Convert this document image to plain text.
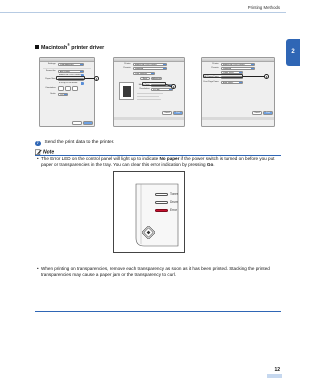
Printing Methods
2
Macintosh® printer driver
Settings:	Page Attributes
Format for:	Any Printer
Brother HL-XXXX series
Paper Size:	US Letter
8.50 by 11.00 inches
Orientation:
Scale:	100 %
1
Printer:	Brother HL-XXXX series
Presets:	Standard
Print Settings
Basic	Advanced
Media Type:	Transparencies
Resolution:	600 dpi
Cancel	Print
2
Printer:	Brother HL-XXXX series
Presets:	Standard
Paper Feed
All Pages From:	Manual Feed
First Page From:	Auto Select
Cancel	Print
3
7 Send the print data to the printer.
Note
• The Error LED on the control panel will light up to indicate No paper if the power switch is turned on before you put paper or transparencies in the tray. You can clear this error indication by pressing Go.
Toner
Drum
Error
• When printing on transparencies, remove each transparency as soon as it has been printed. Stacking the printed transparencies may cause a paper jam or the transparency to curl.
12
